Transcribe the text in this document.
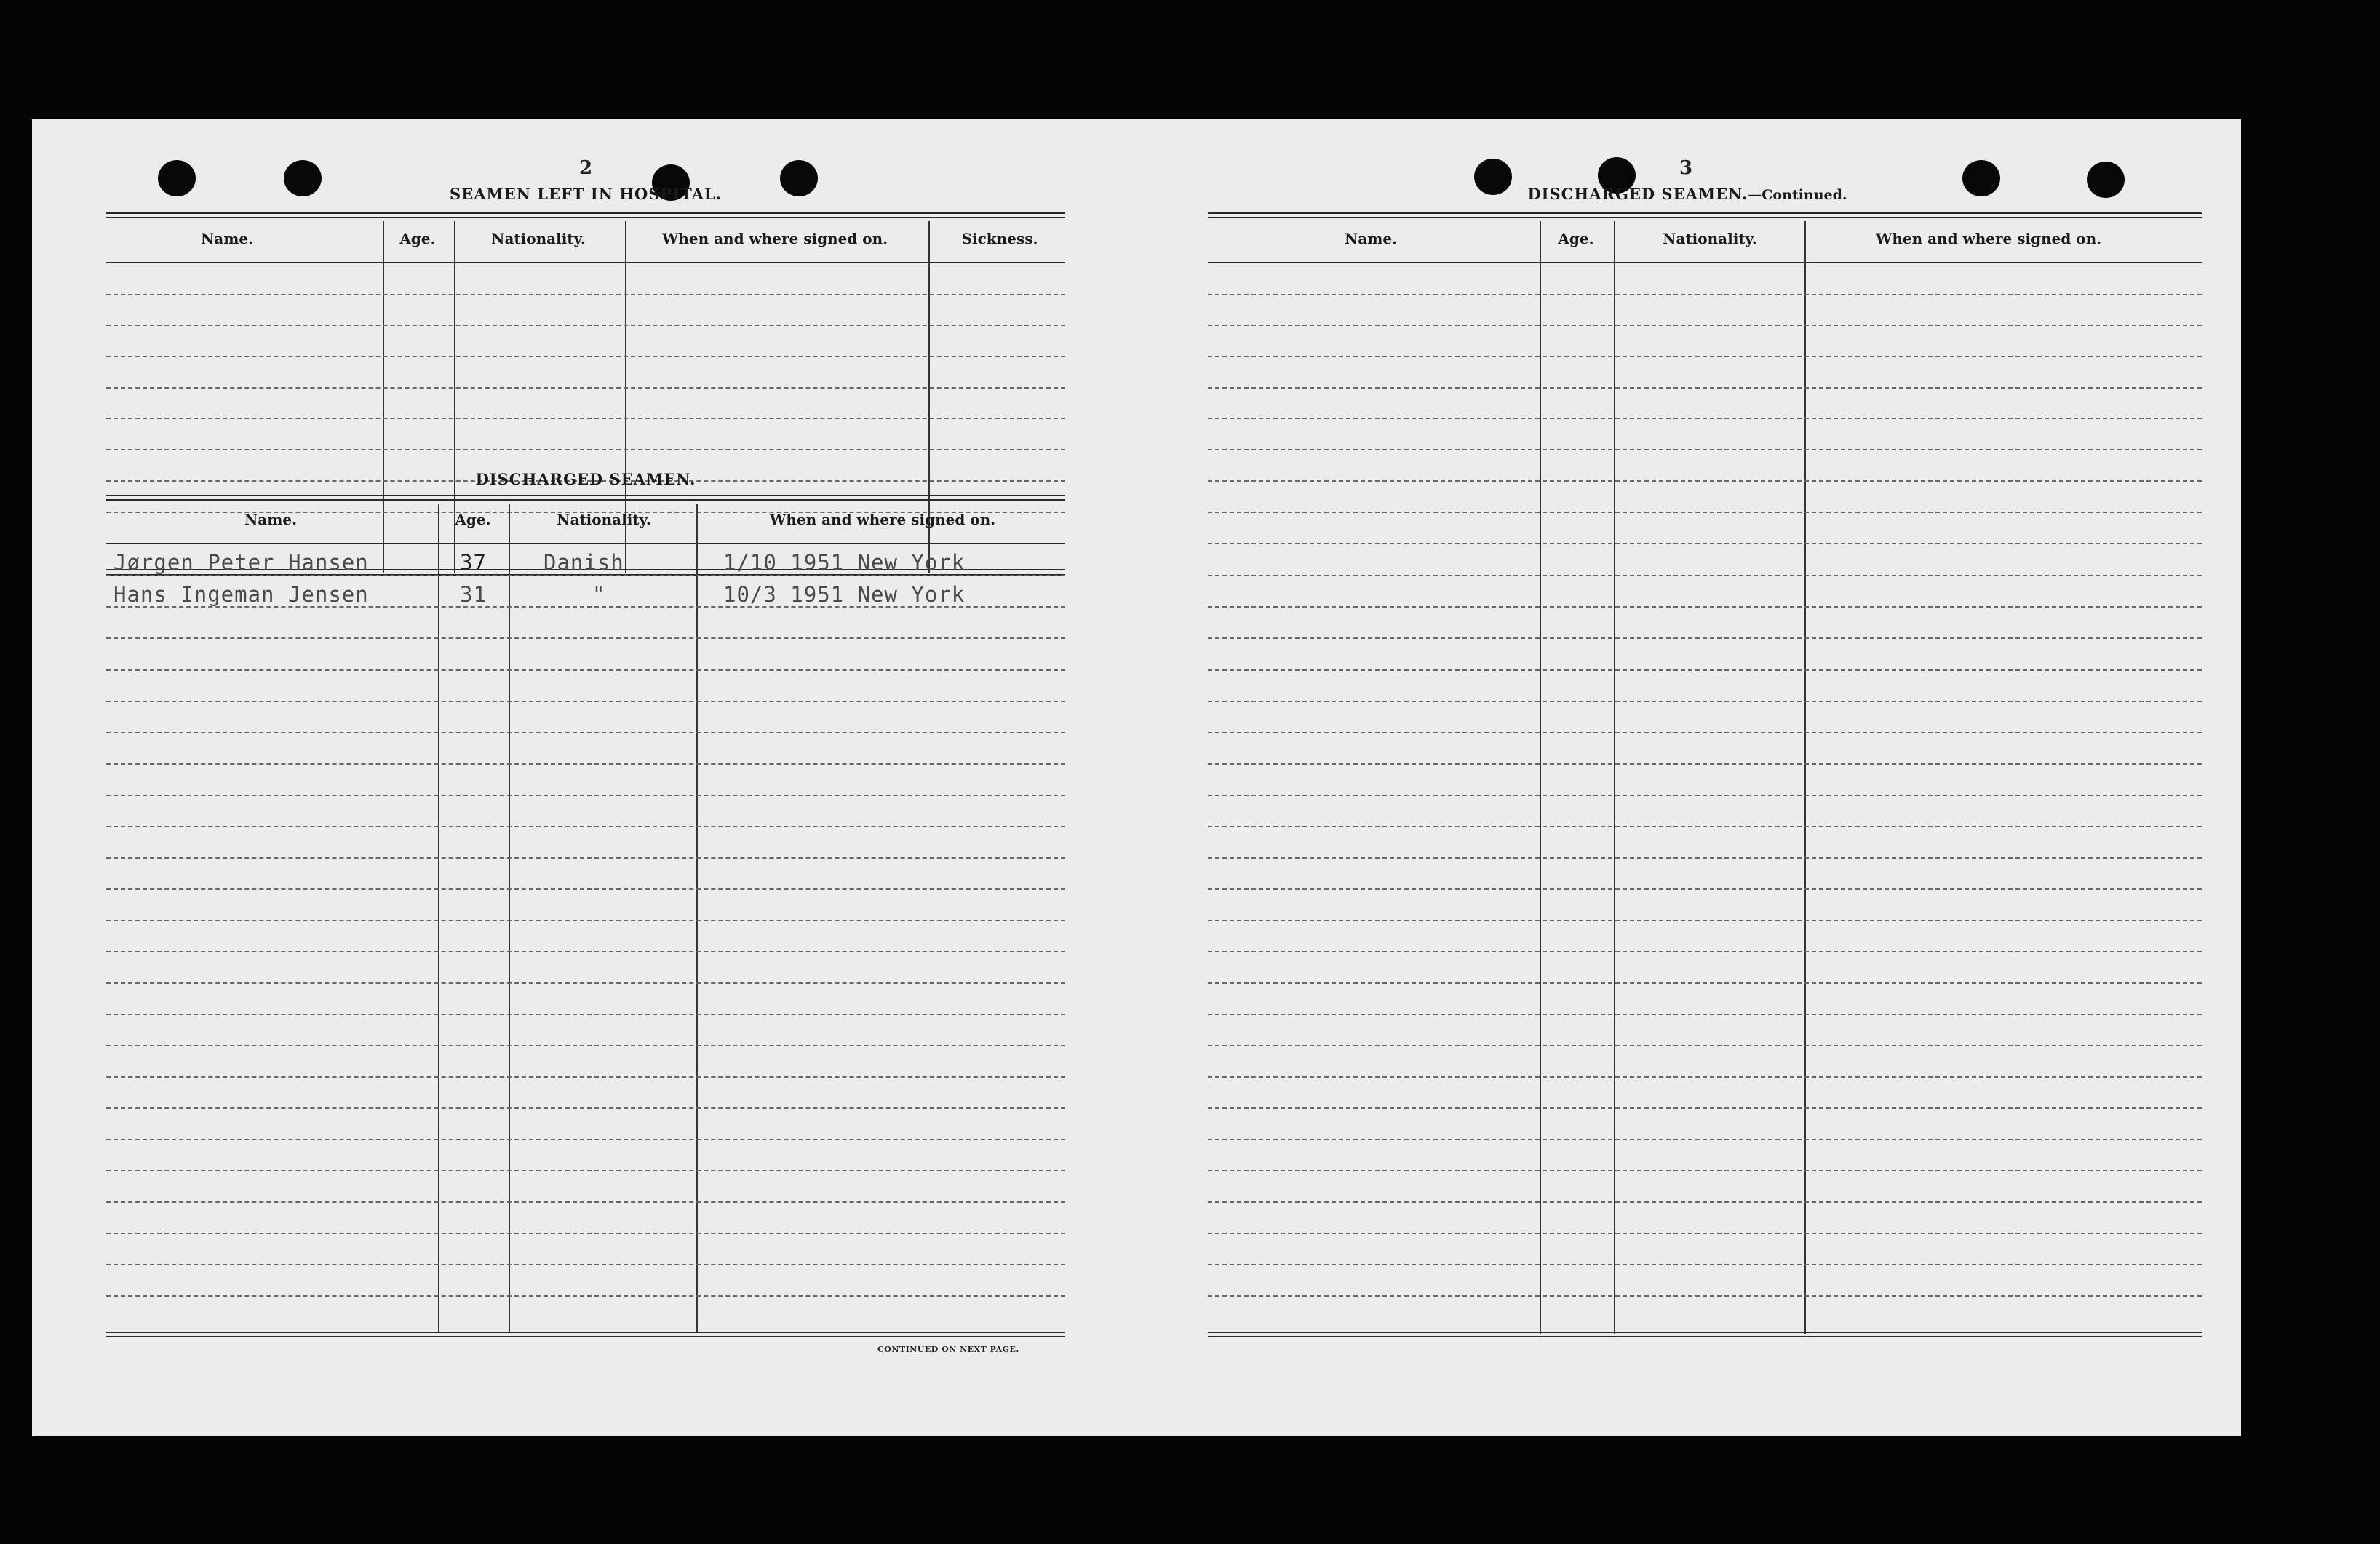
2
SEAMEN LEFT IN HOSPITAL.
Name.	Age.	Nationality.	When and where signed on.	Sickness.
DISCHARGED SEAMEN.
Name.	Age.	Nationality.	When and where signed on.
Jørgen Peter Hansen	37	Danish	1/10 1951 New York
Hans Ingeman Jensen	31	"	10/3 1951 New York
CONTINUED ON NEXT PAGE.
3
DISCHARGED SEAMEN.—Continued.
Name.	Age.	Nationality.	When and where signed on.
